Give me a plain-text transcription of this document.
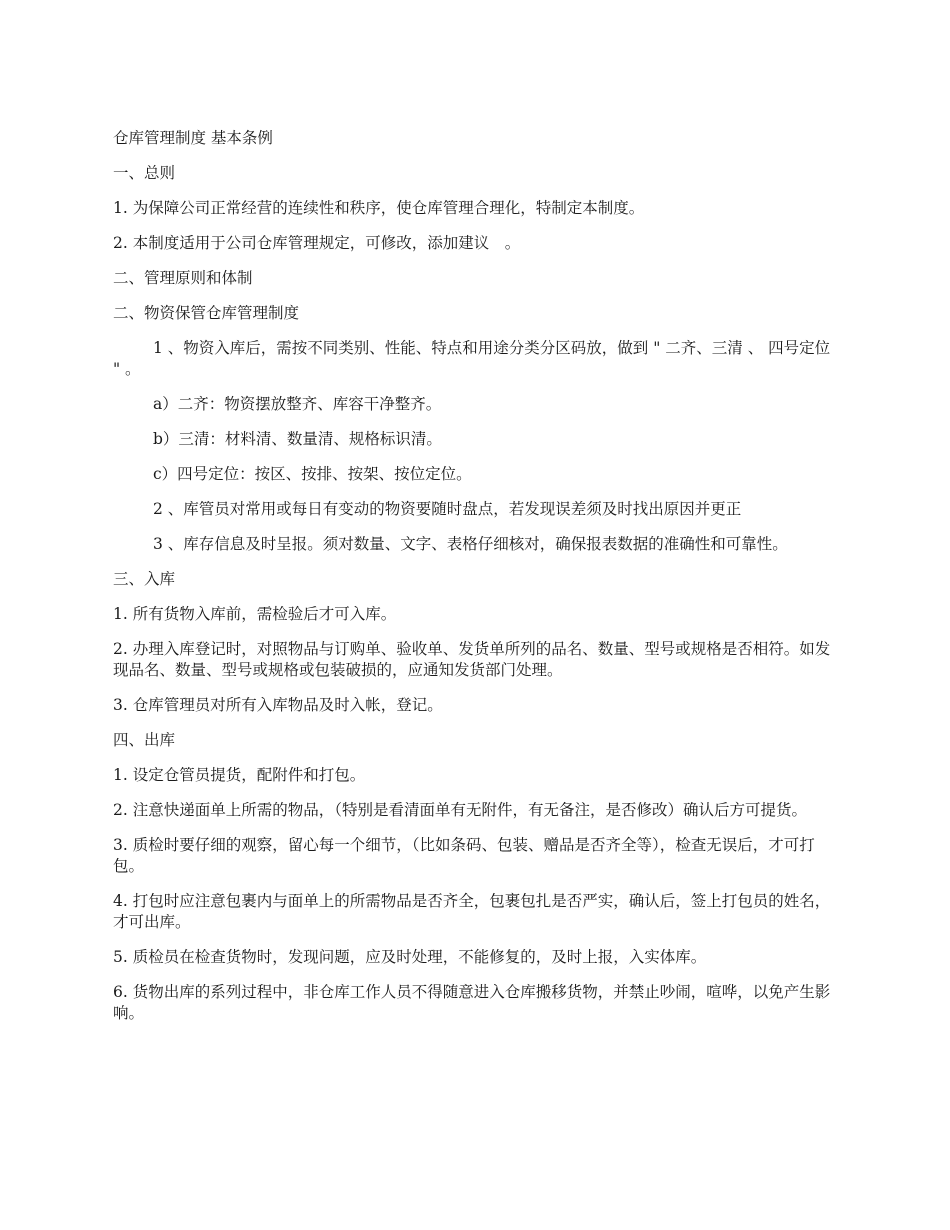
仓库管理制度 基本条例

一、总则

1. 为保障公司正常经营的连续性和秩序，使仓库管理合理化，特制定本制度。

2. 本制度适用于公司仓库管理规定，可修改，添加建议　。

二、管理原则和体制

二、物资保管仓库管理制度

1 、物资入库后，需按不同类别、性能、特点和用途分类分区码放，做到 " 二齐、三清 、 四号定位 " 。

a）二齐：物资摆放整齐、库容干净整齐。

b）三清：材料清、数量清、规格标识清。

c）四号定位：按区、按排、按架、按位定位。

2 、库管员对常用或每日有变动的物资要随时盘点，若发现误差须及时找出原因并更正

3 、库存信息及时呈报。须对数量、文字、表格仔细核对，确保报表数据的准确性和可靠性。

三、入库

1. 所有货物入库前，需检验后才可入库。

2. 办理入库登记时，对照物品与订购单、验收单、发货单所列的品名、数量、型号或规格是否相符。如发现品名、数量、型号或规格或包装破损的，应通知发货部门处理。

3. 仓库管理员对所有入库物品及时入帐，登记。

四、出库

1. 设定仓管员提货，配附件和打包。

2. 注意快递面单上所需的物品，（特别是看清面单有无附件，有无备注，是否修改）确认后方可提货。

3. 质检时要仔细的观察，留心每一个细节，（比如条码、包装、赠品是否齐全等），检查无误后，才可打包。

4. 打包时应注意包裹内与面单上的所需物品是否齐全，包裹包扎是否严实，确认后，签上打包员的姓名，才可出库。

5. 质检员在检查货物时，发现问题，应及时处理，不能修复的，及时上报，入实体库。

6. 货物出库的系列过程中，非仓库工作人员不得随意进入仓库搬移货物，并禁止吵闹，喧哗，以免产生影响。
